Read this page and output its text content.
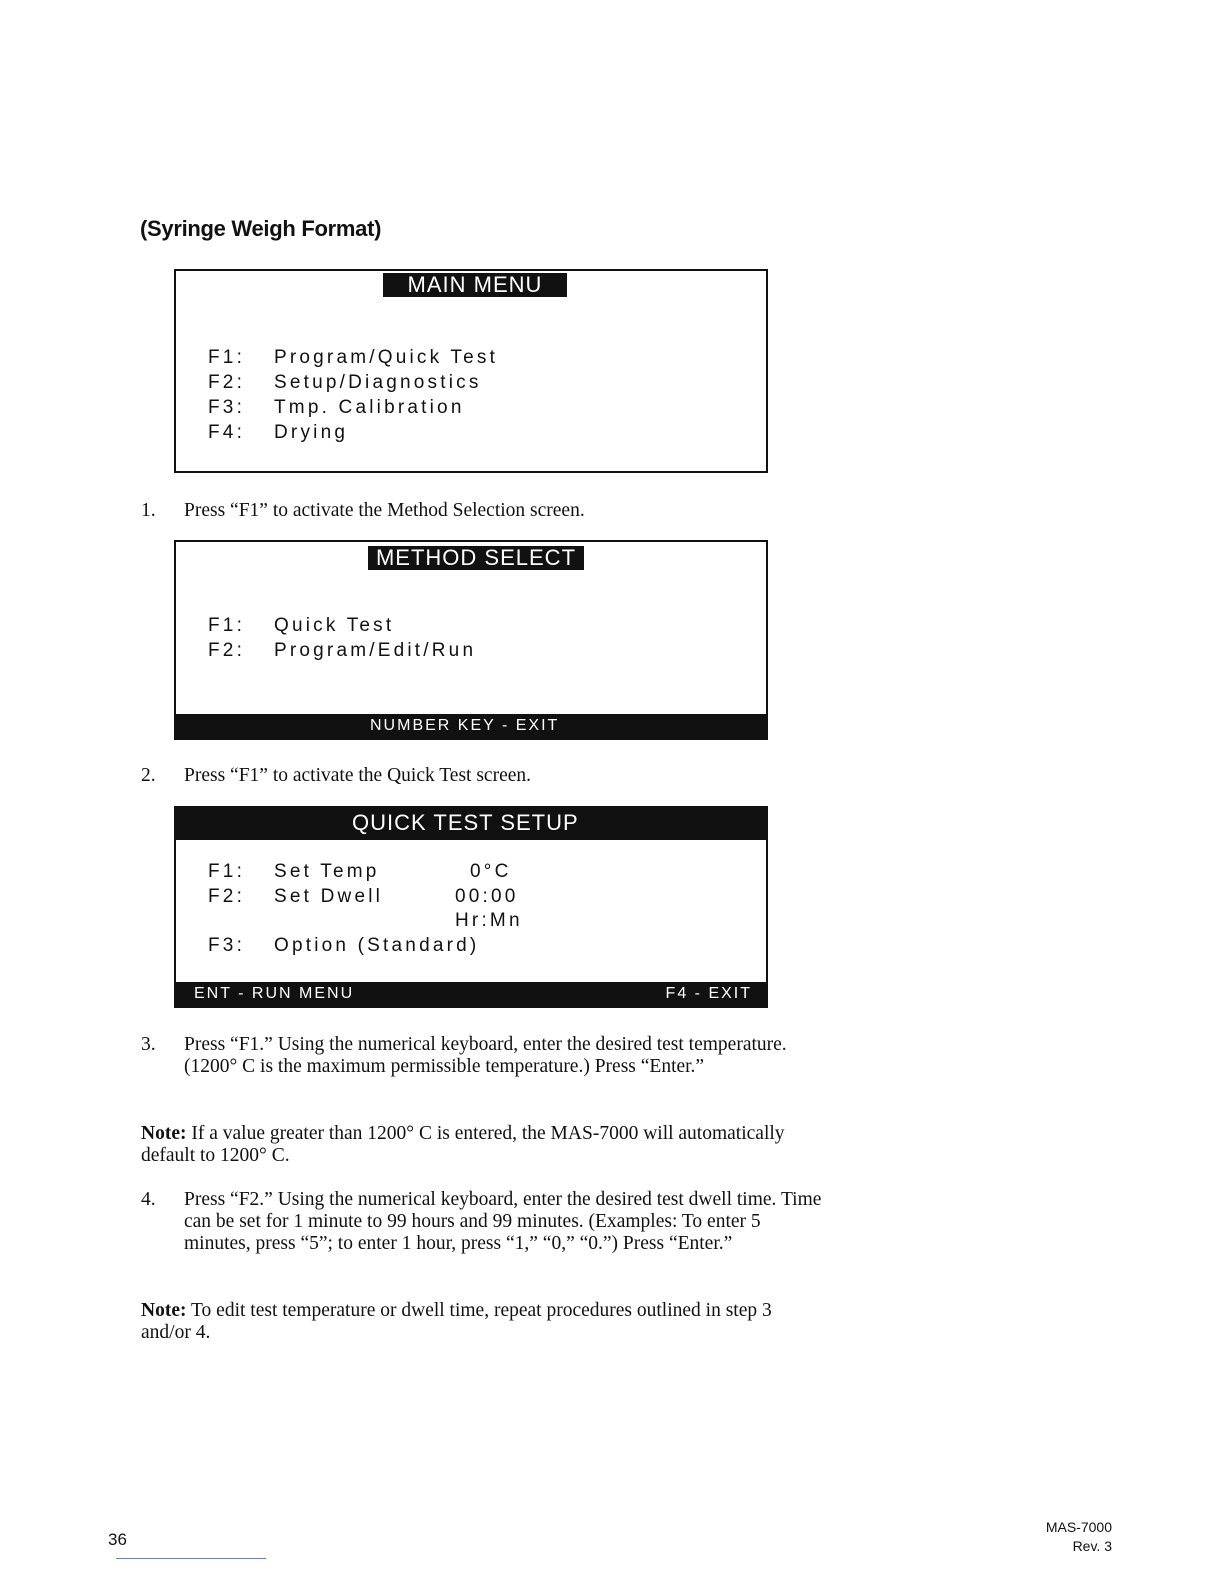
(Syringe Weigh Format)
MAIN MENU
F1: Program/Quick Test
F2: Setup/Diagnostics
F3: Tmp. Calibration
F4: Drying
1. Press “F1” to activate the Method Selection screen.
METHOD SELECT
F1: Quick Test
F2: Program/Edit/Run
NUMBER KEY - EXIT
2. Press “F1” to activate the Quick Test screen.
QUICK TEST SETUP
F1: Set Temp	0°C
F2: Set Dwell	00:00
Hr:Mn
F3: Option (Standard)
ENT - RUN MENU	F4 - EXIT
3. Press “F1.” Using the numerical keyboard, enter the desired test temperature. (1200° C is the maximum permissible temperature.) Press “Enter.”
Note: If a value greater than 1200° C is entered, the MAS-7000 will automatically default to 1200° C.
4. Press “F2.” Using the numerical keyboard, enter the desired test dwell time. Time can be set for 1 minute to 99 hours and 99 minutes. (Examples: To enter 5 minutes, press “5”; to enter 1 hour, press “1,” “0,” “0.”) Press “Enter.”
Note: To edit test temperature or dwell time, repeat procedures outlined in step 3 and/or 4.
36
MAS-7000
Rev. 3
